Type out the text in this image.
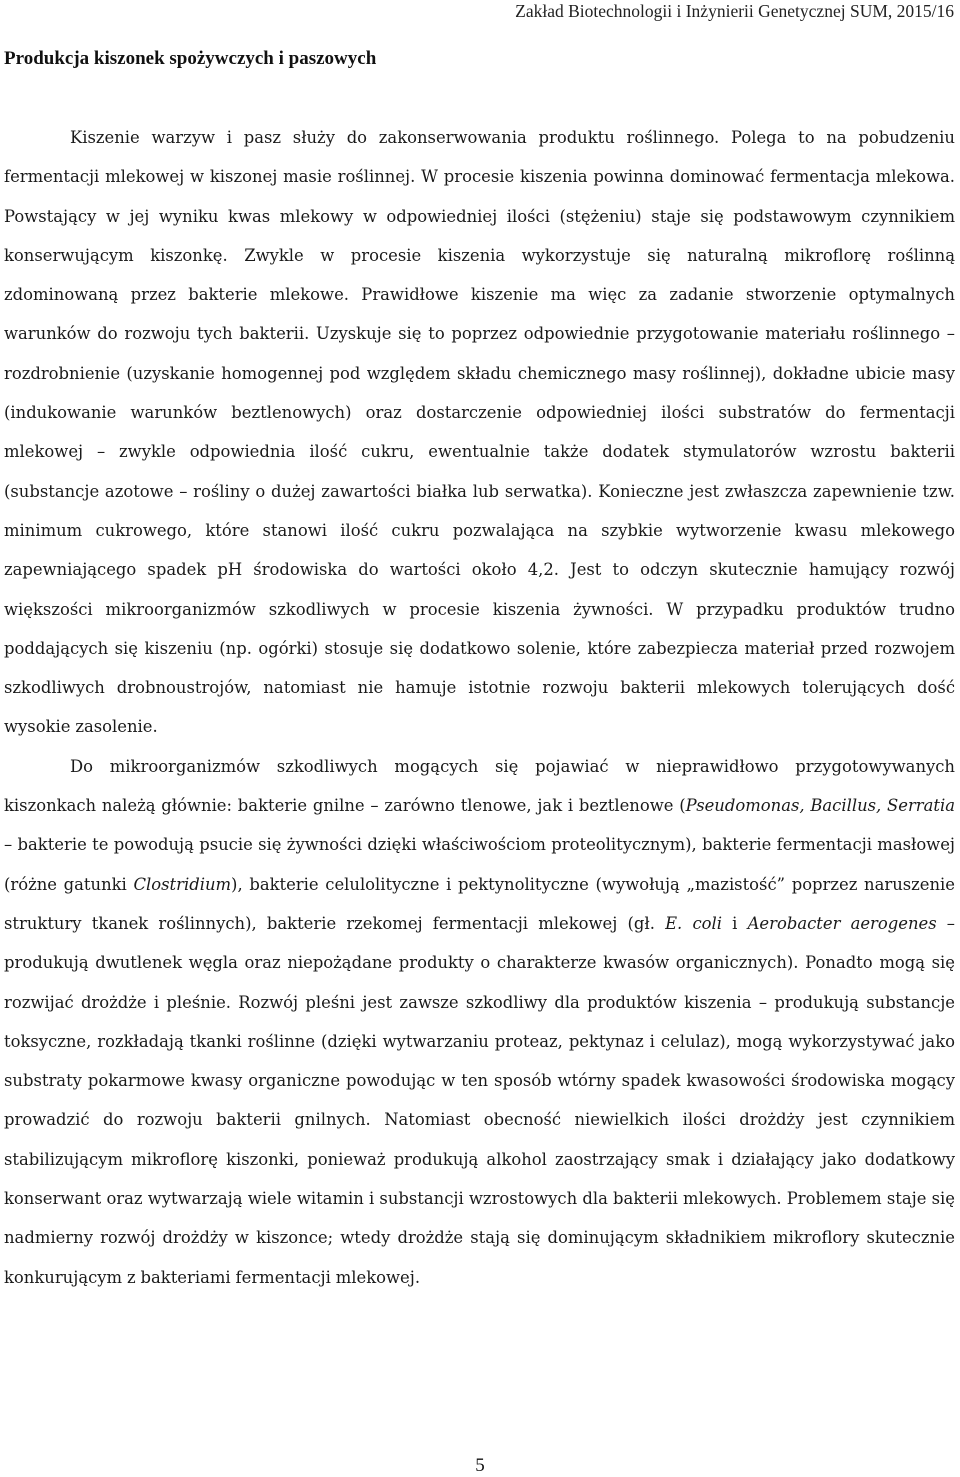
Zakład Biotechnologii i Inżynierii Genetycznej SUM, 2015/16
Produkcja kiszonek spożywczych i paszowych

Kiszenie warzyw i pasz służy do zakonserwowania produktu roślinnego. Polega to na pobudzeniu fermentacji mlekowej w kiszonej masie roślinnej. W procesie kiszenia powinna dominować fermentacja mlekowa. Powstający w jej wyniku kwas mlekowy w odpowiedniej ilości (stężeniu) staje się podstawowym czynnikiem konserwującym kiszonkę. Zwykle w procesie kiszenia wykorzystuje się naturalną mikroflorę roślinną zdominowaną przez bakterie mlekowe. Prawidłowe kiszenie ma więc za zadanie stworzenie optymalnych warunków do rozwoju tych bakterii. Uzyskuje się to poprzez odpowiednie przygotowanie materiału roślinnego – rozdrobnienie (uzyskanie homogennej pod względem składu chemicznego masy roślinnej), dokładne ubicie masy (indukowanie warunków beztlenowych) oraz dostarczenie odpowiedniej ilości substratów do fermentacji mlekowej – zwykle odpowiednia ilość cukru, ewentualnie także dodatek stymulatorów wzrostu bakterii (substancje azotowe – rośliny o dużej zawartości białka lub serwatka). Konieczne jest zwłaszcza zapewnienie tzw. minimum cukrowego, które stanowi ilość cukru pozwalająca na szybkie wytworzenie kwasu mlekowego zapewniającego spadek pH środowiska do wartości około 4,2. Jest to odczyn skutecznie hamujący rozwój większości mikroorganizmów szkodliwych w procesie kiszenia żywności. W przypadku produktów trudno poddających się kiszeniu (np. ogórki) stosuje się dodatkowo solenie, które zabezpiecza materiał przed rozwojem szkodliwych drobnoustrojów, natomiast nie hamuje istotnie rozwoju bakterii mlekowych tolerujących dość wysokie zasolenie.

Do mikroorganizmów szkodliwych mogących się pojawiać w nieprawidłowo przygotowywanych kiszonkach należą głównie: bakterie gnilne – zarówno tlenowe, jak i beztlenowe (Pseudomonas, Bacillus, Serratia – bakterie te powodują psucie się żywności dzięki właściwościom proteolitycznym), bakterie fermentacji masłowej (różne gatunki Clostridium), bakterie celulolityczne i pektynolityczne (wywołują „mazistość” poprzez naruszenie struktury tkanek roślinnych), bakterie rzekomej fermentacji mlekowej (gł. E. coli i Aerobacter aerogenes – produkują dwutlenek węgla oraz niepożądane produkty o charakterze kwasów organicznych). Ponadto mogą się rozwijać drożdże i pleśnie. Rozwój pleśni jest zawsze szkodliwy dla produktów kiszenia – produkują substancje toksyczne, rozkładają tkanki roślinne (dzięki wytwarzaniu proteaz, pektynaz i celulaz), mogą wykorzystywać jako substraty pokarmowe kwasy organiczne powodując w ten sposób wtórny spadek kwasowości środowiska mogący prowadzić do rozwoju bakterii gnilnych. Natomiast obecność niewielkich ilości drożdży jest czynnikiem stabilizującym mikroflorę kiszonki, ponieważ produkują alkohol zaostrzający smak i działający jako dodatkowy konserwant oraz wytwarzają wiele witamin i substancji wzrostowych dla bakterii mlekowych. Problemem staje się nadmierny rozwój drożdży w kiszonce; wtedy drożdże stają się dominującym składnikiem mikroflory skutecznie konkurującym z bakteriami fermentacji mlekowej.

5
